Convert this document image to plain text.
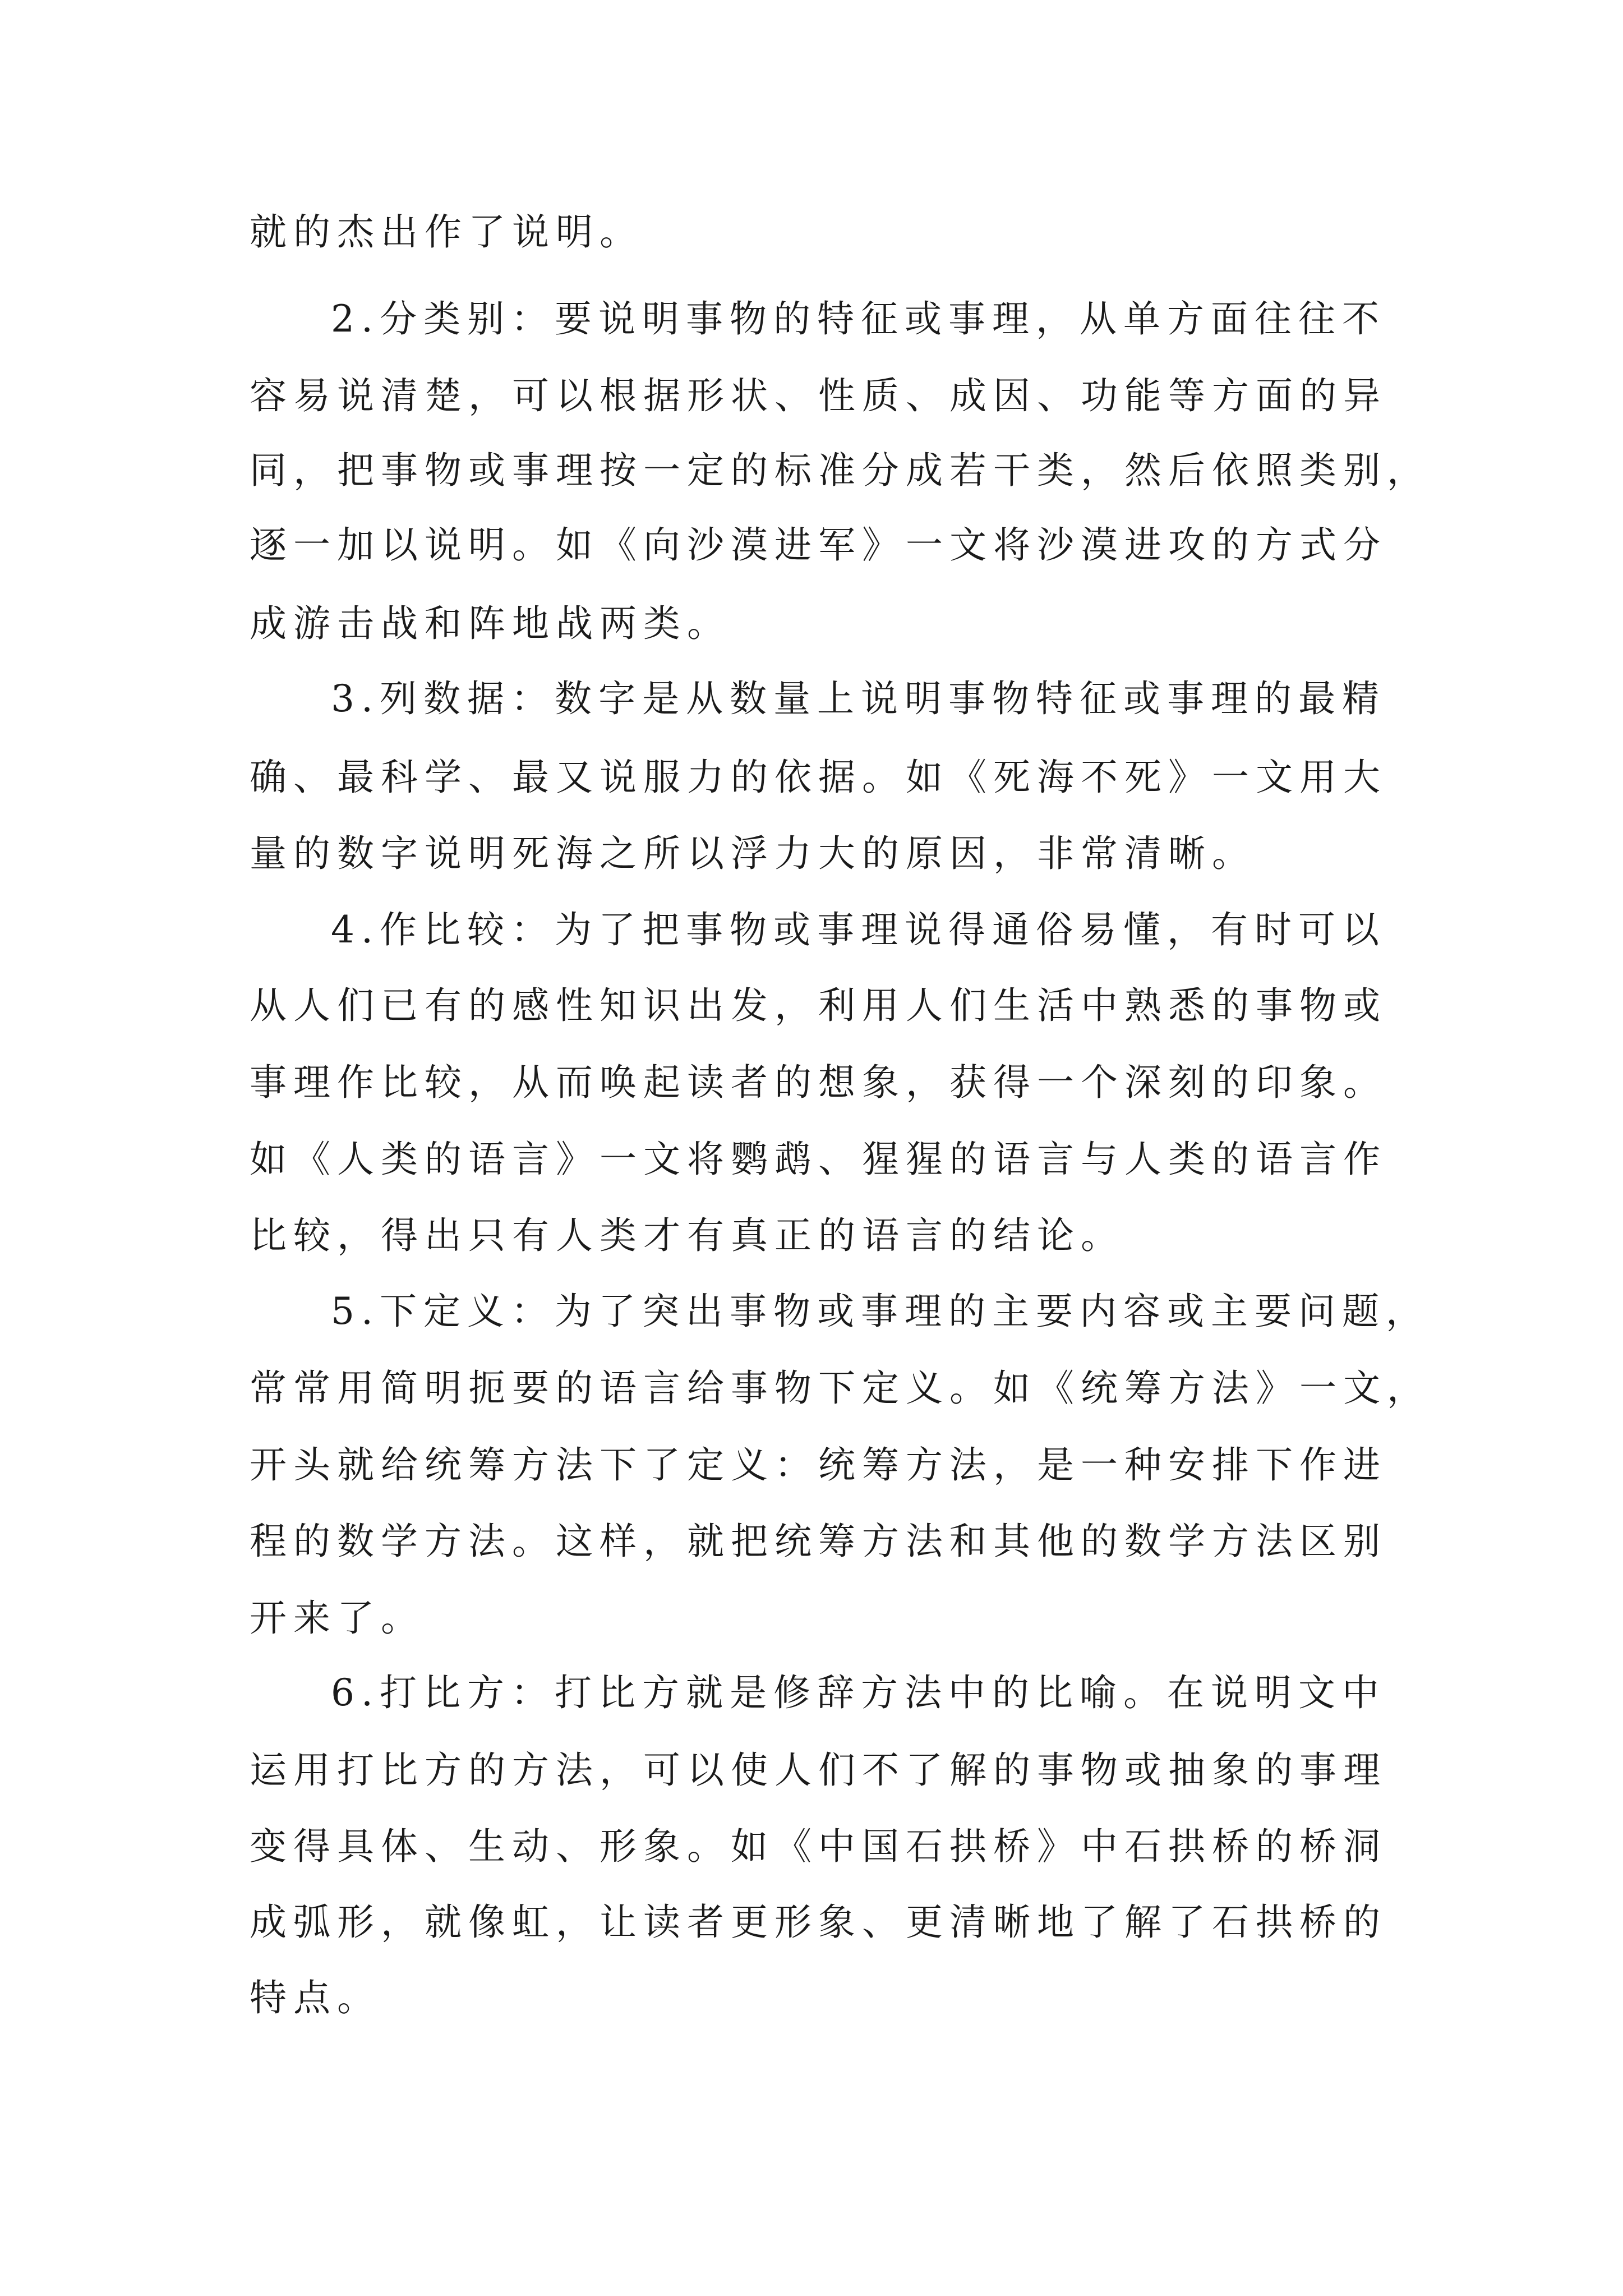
就的杰出作了说明。
2.分类别：要说明事物的特征或事理，从单方面往往不
容易说清楚，可以根据形状、性质、成因、功能等方面的异
同，把事物或事理按一定的标准分成若干类，然后依照类别，
逐一加以说明。如《向沙漠进军》一文将沙漠进攻的方式分
成游击战和阵地战两类。
3.列数据：数字是从数量上说明事物特征或事理的最精
确、最科学、最又说服力的依据。如《死海不死》一文用大
量的数字说明死海之所以浮力大的原因，非常清晰。
4.作比较：为了把事物或事理说得通俗易懂，有时可以
从人们已有的感性知识出发，利用人们生活中熟悉的事物或
事理作比较，从而唤起读者的想象，获得一个深刻的印象。
如《人类的语言》一文将鹦鹉、猩猩的语言与人类的语言作
比较，得出只有人类才有真正的语言的结论。
5.下定义：为了突出事物或事理的主要内容或主要问题，
常常用简明扼要的语言给事物下定义。如《统筹方法》一文，
开头就给统筹方法下了定义：统筹方法，是一种安排下作进
程的数学方法。这样，就把统筹方法和其他的数学方法区别
开来了。
6.打比方：打比方就是修辞方法中的比喻。在说明文中
运用打比方的方法，可以使人们不了解的事物或抽象的事理
变得具体、生动、形象。如《中国石拱桥》中石拱桥的桥洞
成弧形，就像虹，让读者更形象、更清晰地了解了石拱桥的
特点。
